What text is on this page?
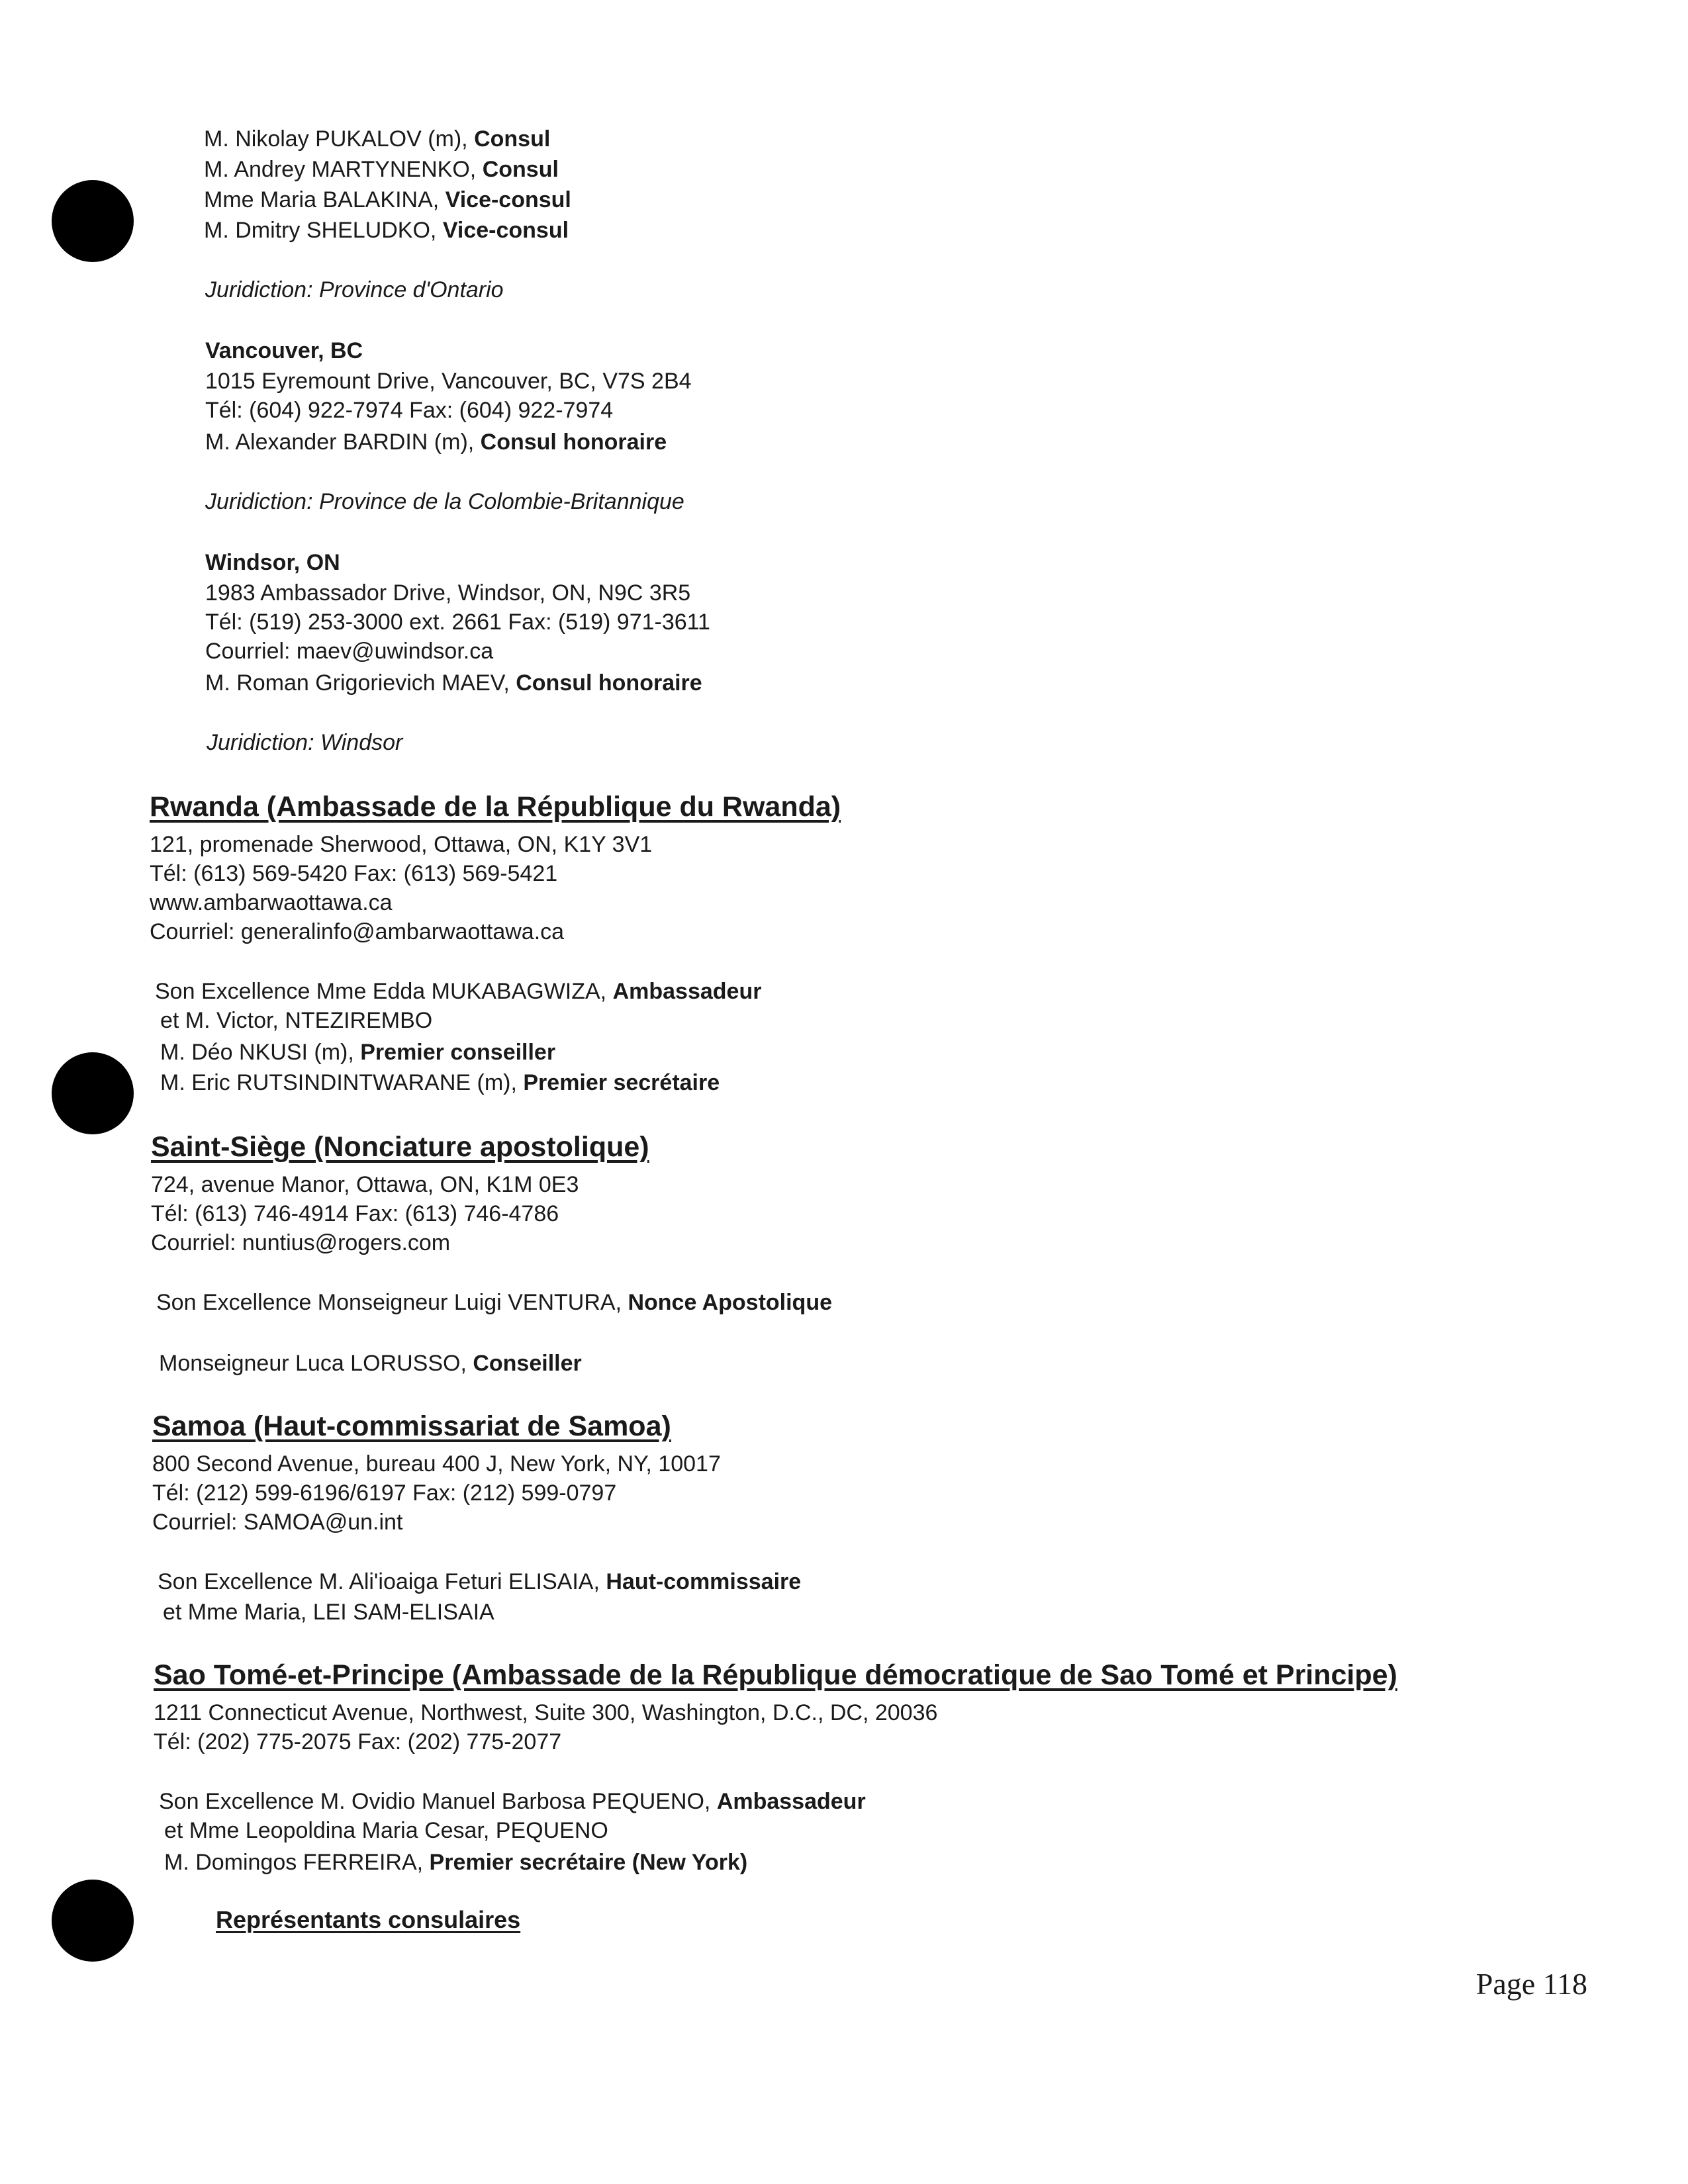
M. Nikolay PUKALOV (m), Consul
M. Andrey MARTYNENKO, Consul
Mme Maria BALAKINA, Vice-consul
M. Dmitry SHELUDKO, Vice-consul
Juridiction: Province d'Ontario
Vancouver, BC
1015 Eyremount Drive, Vancouver, BC, V7S 2B4
Tél: (604) 922-7974 Fax: (604) 922-7974
M. Alexander BARDIN (m), Consul honoraire
Juridiction: Province de la Colombie-Britannique
Windsor, ON
1983 Ambassador Drive, Windsor, ON, N9C 3R5
Tél: (519) 253-3000 ext. 2661 Fax: (519) 971-3611
Courriel: maev@uwindsor.ca
M. Roman Grigorievich MAEV, Consul honoraire
Juridiction: Windsor
Rwanda (Ambassade de la République du Rwanda)
121, promenade Sherwood, Ottawa, ON, K1Y 3V1
Tél: (613) 569-5420 Fax: (613) 569-5421
www.ambarwaottawa.ca
Courriel: generalinfo@ambarwaottawa.ca
Son Excellence Mme Edda MUKABAGWIZA, Ambassadeur
et M. Victor, NTEZIREMBO
M. Déo NKUSI (m), Premier conseiller
M. Eric RUTSINDINTWARANE (m), Premier secrétaire
Saint-Siège (Nonciature apostolique)
724, avenue Manor, Ottawa, ON, K1M 0E3
Tél: (613) 746-4914 Fax: (613) 746-4786
Courriel: nuntius@rogers.com
Son Excellence Monseigneur Luigi VENTURA, Nonce Apostolique
Monseigneur Luca LORUSSO, Conseiller
Samoa (Haut-commissariat de Samoa)
800 Second Avenue, bureau 400 J, New York, NY, 10017
Tél: (212) 599-6196/6197 Fax: (212) 599-0797
Courriel: SAMOA@un.int
Son Excellence M. Ali'ioaiga Feturi ELISAIA, Haut-commissaire
et Mme Maria, LEI SAM-ELISAIA
Sao Tomé-et-Principe (Ambassade de la République démocratique de Sao Tomé et Principe)
1211 Connecticut Avenue, Northwest, Suite 300, Washington, D.C., DC, 20036
Tél: (202) 775-2075 Fax: (202) 775-2077
Son Excellence M. Ovidio Manuel Barbosa PEQUENO, Ambassadeur
et Mme Leopoldina Maria Cesar, PEQUENO
M. Domingos FERREIRA, Premier secrétaire (New York)
Représentants consulaires
Page 118
